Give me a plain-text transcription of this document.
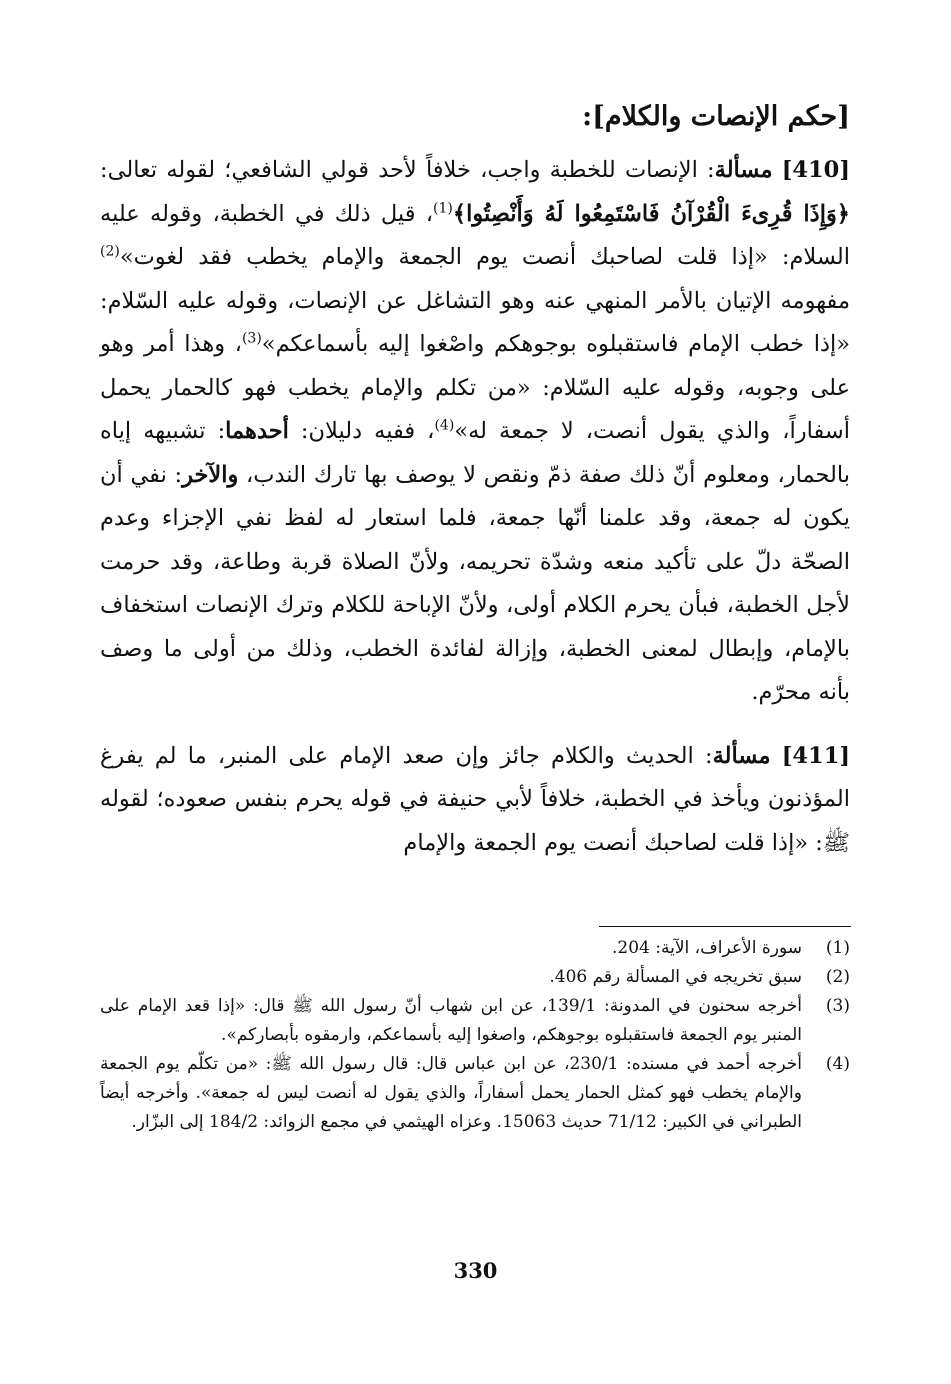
[حكم الإنصات والكلام]:

[410] مسألة: الإنصات للخطبة واجب، خلافاً لأحد قولي الشافعي؛ لقوله تعالى: ﴿وَإِذَا قُرِىءَ الْقُرْآنُ فَاسْتَمِعُوا لَهُ وَأَنْصِتُوا﴾$^{(1)}$، قيل ذلك في الخطبة، وقوله عليه السلام: «إذا قلت لصاحبك أنصت يوم الجمعة والإمام يخطب فقد لغوت»$^{(2)}$ مفهومه الإتيان بالأمر المنهي عنه وهو التشاغل عن الإنصات، وقوله عليه السّلام: «إذا خطب الإمام فاستقبلوه بوجوهكم واصْغوا إليه بأسماعكم»$^{(3)}$، وهذا أمر وهو على وجوبه، وقوله عليه السّلام: «من تكلم والإمام يخطب فهو كالحمار يحمل أسفاراً، والذي يقول أنصت، لا جمعة له»$^{(4)}$، ففيه دليلان: أحدهما: تشبيهه إياه بالحمار، ومعلوم أنّ ذلك صفة ذمّ ونقص لا يوصف بها تارك الندب، والآخر: نفي أن يكون له جمعة، وقد علمنا أنّها جمعة، فلما استعار له لفظ نفي الإجزاء وعدم الصحّة دلّ على تأكيد منعه وشدّة تحريمه، ولأنّ الصلاة قربة وطاعة، وقد حرمت لأجل الخطبة، فبأن يحرم الكلام أولى، ولأنّ الإباحة للكلام وترك الإنصات استخفاف بالإمام، وإبطال لمعنى الخطبة، وإزالة لفائدة الخطب، وذلك من أولى ما وصف بأنه محرّم.

[411] مسألة: الحديث والكلام جائز وإن صعد الإمام على المنبر، ما لم يفرغ المؤذنون ويأخذ في الخطبة، خلافاً لأبي حنيفة في قوله يحرم بنفس صعوده؛ لقوله ﷺ: «إذا قلت لصاحبك أنصت يوم الجمعة والإمام

(1)
سورة الأعراف، الآية: 204.
(2)
سبق تخريجه في المسألة رقم 406.
(3)
أخرجه سحنون في المدونة: 139/1، عن ابن شهاب أنّ رسول الله ﷺ قال: «إذا قعد الإمام على المنبر يوم الجمعة فاستقبلوه بوجوهكم، واصغوا إليه بأسماعكم، وارمقوه بأبصاركم».
(4)
أخرجه أحمد في مسنده: 230/1، عن ابن عباس قال: قال رسول الله ﷺ: «من تكلّم يوم الجمعة والإمام يخطب فهو كمثل الحمار يحمل أسفاراً، والذي يقول له أنصت ليس له جمعة». وأخرجه أيضاً الطبراني في الكبير: 71/12 حديث 15063. وعزاه الهيثمي في مجمع الزوائد: 184/2 إلى البزّار.
330
